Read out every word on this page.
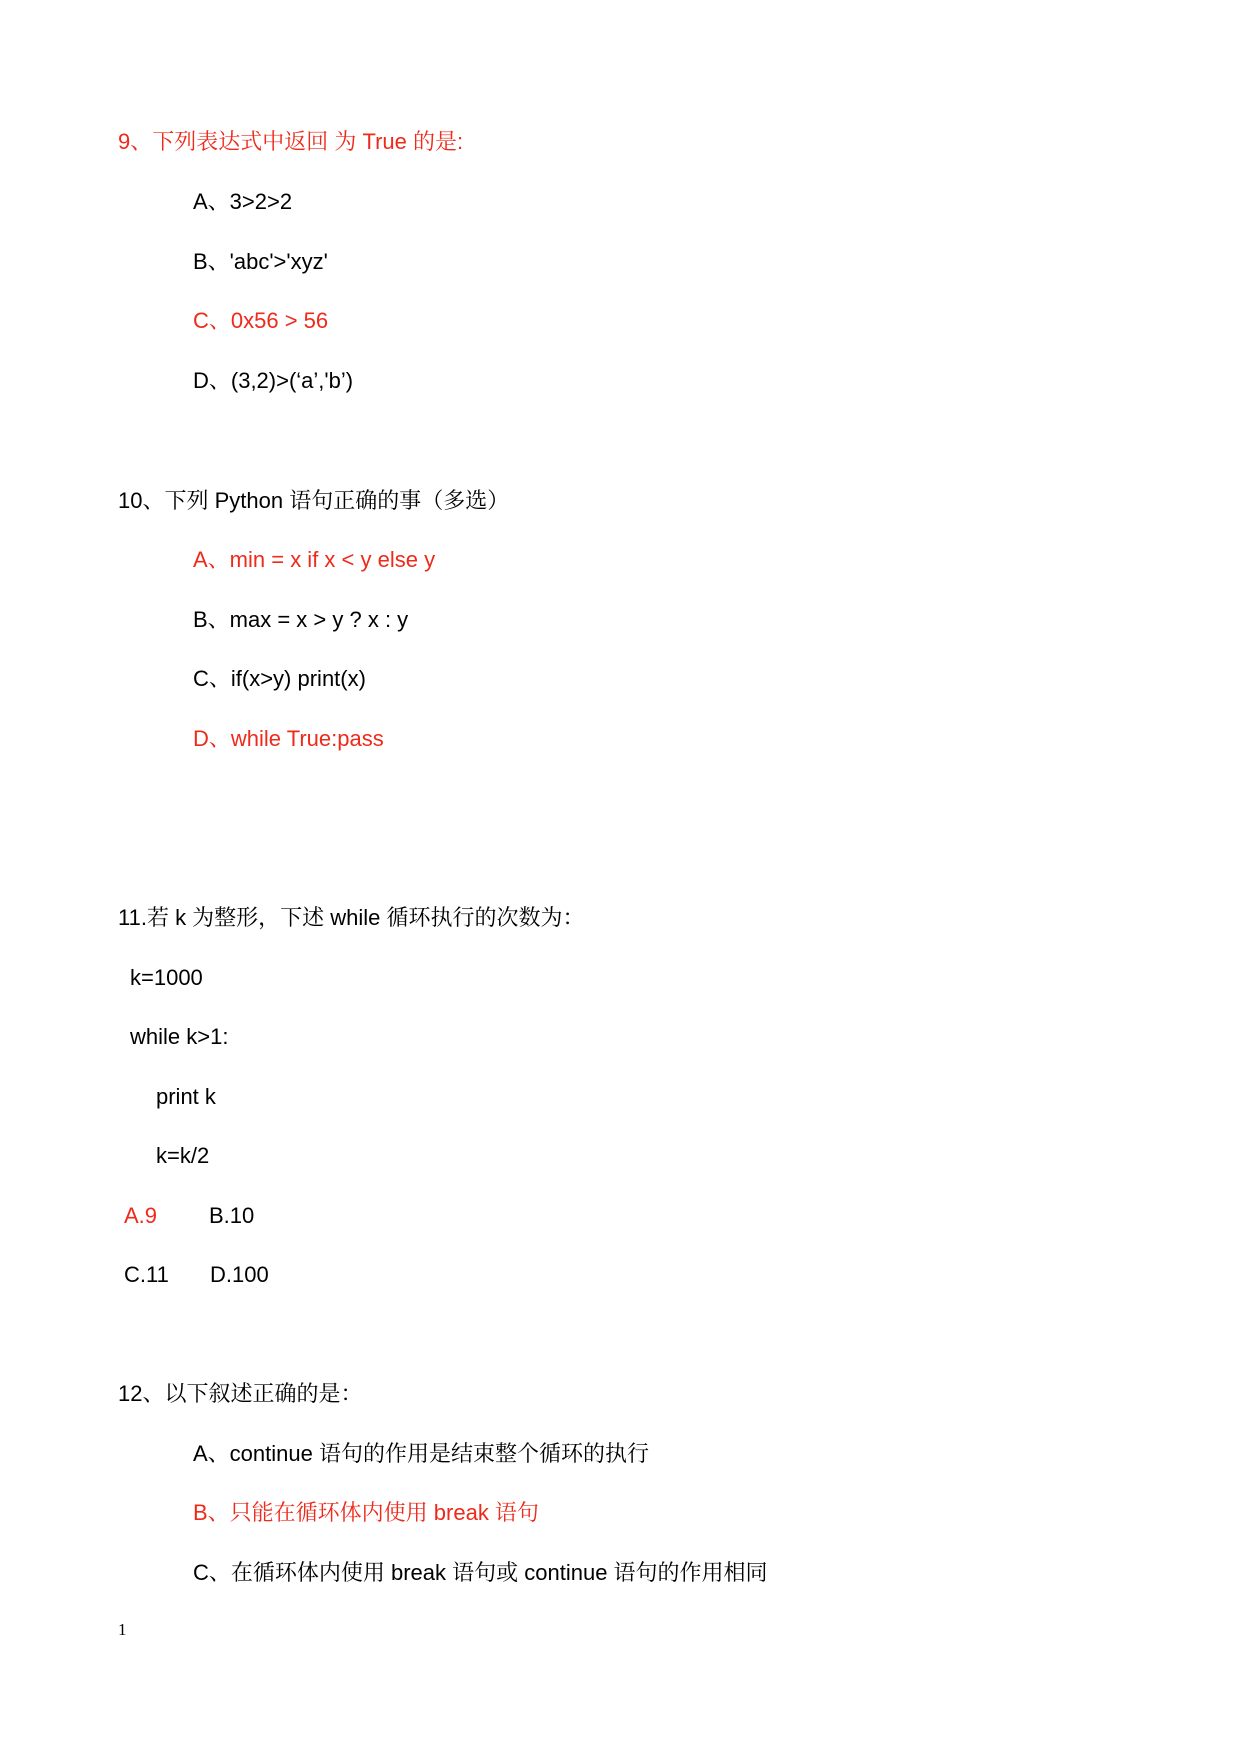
9、下列表达式中返回 为 True 的是:
A、3>2>2
B、'abc'>'xyz'
C、0x56 > 56
D、(3,2)>(‘a’,'b’)
10、下列 Python 语句正确的事（多选）
A、min = x if x < y else y
B、max = x > y ? x : y
C、if(x>y) print(x)
D、while True:pass
11.若 k 为整形，下述 while 循环执行的次数为：
k=1000
while k>1:
print k
k=k/2
A.9 B.10
C.11 D.100
12、以下叙述正确的是：
A、continue 语句的作用是结束整个循环的执行
B、只能在循环体内使用 break 语句
C、在循环体内使用 break 语句或 continue 语句的作用相同
1
